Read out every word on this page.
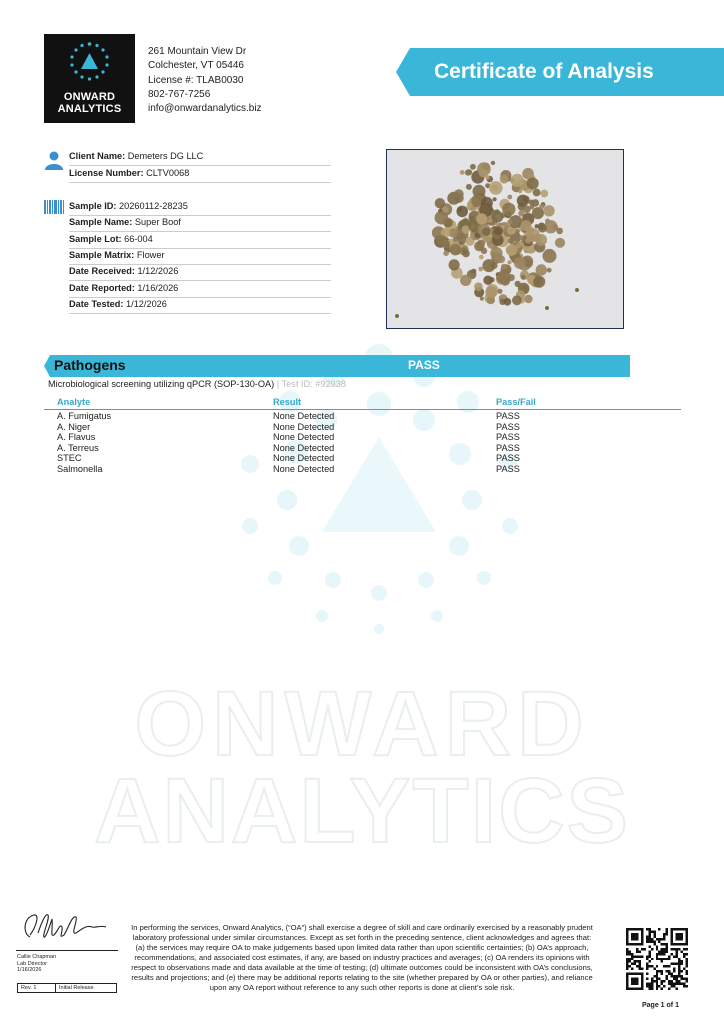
ONWARD
ANALYTICS
ONWARD
ANALYTICS
261 Mountain View Dr
Colchester, VT 05446
License #: TLAB0030
802-767-7256
info@onwardanalytics.biz
Certificate of Analysis
Client Name: Demeters DG LLC
License Number: CLTV0068
Sample ID: 20260112-28235
Sample Name: Super Boof
Sample Lot: 66-004
Sample Matrix: Flower
Date Received: 1/12/2026
Date Reported: 1/16/2026
Date Tested: 1/12/2026
Pathogens	PASS
Microbiological screening utilizing qPCR (SOP-130-OA) | Test ID: #92938
Analyte	Result	Pass/Fail
A. Fumigatus	None Detected	PASS
A. Niger	None Detected	PASS
A. Flavus	None Detected	PASS
A. Terreus	None Detected	PASS
STEC	None Detected	PASS
Salmonella	None Detected	PASS
Callie Chapman
Lab Director
1/16/2026
Rev. 1	Initial Release
In performing the services, Onward Analytics, (“OA”) shall exercise a degree of skill and care ordinarily exercised by a reasonably prudent laboratory professional under similar circumstances. Except as set forth in the preceding sentence, client acknowledges and agrees that: (a) the services may require OA to make judgements based upon limited data rather than upon scientific certainties; (b) OA’s approach, recommendations, and associated cost estimates, if any, are based on industry practices and averages; (c) OA renders its opinions with respect to observations made and data available at the time of testing; (d) ultimate outcomes could be inconsistent with OA’s conclusions, results and projections; and (e) there may be additional reports relating to the site (whether prepared by OA or other parties), and reliance upon any OA report without reference to any such other reports is done at client’s sole risk.
Page 1 of 1
